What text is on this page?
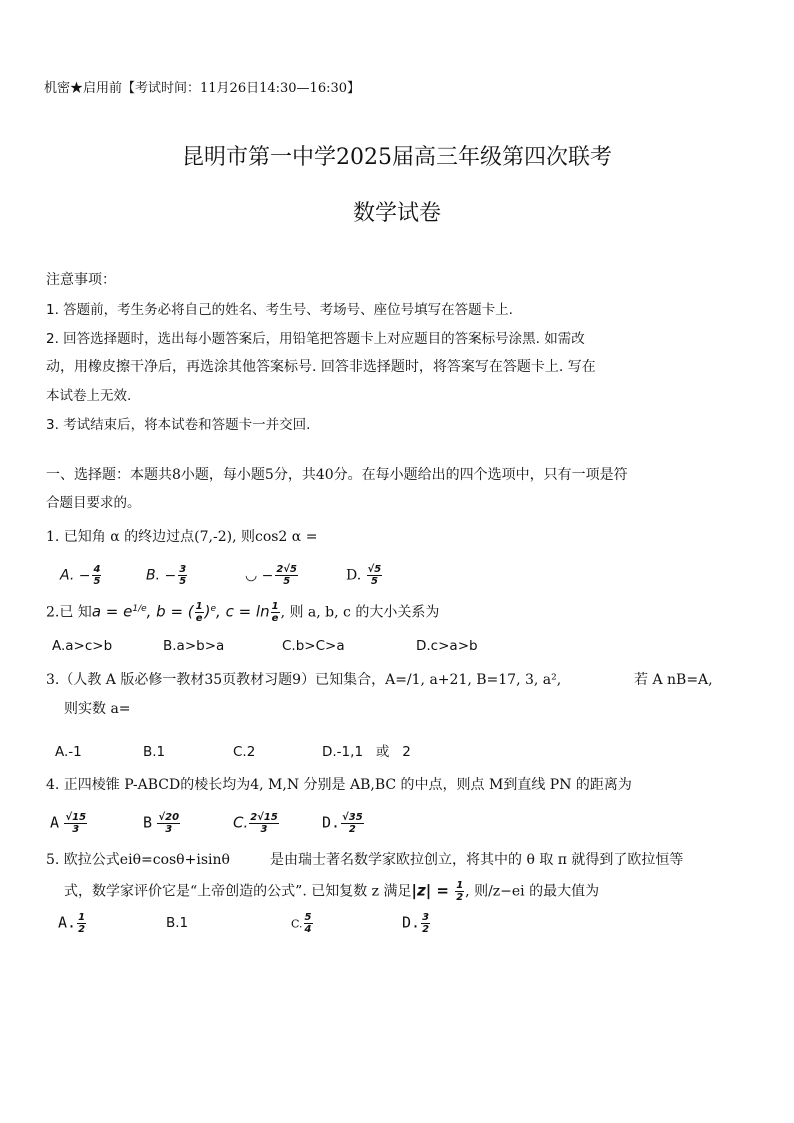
机密★启用前【考试时间：11月26日14:30—16:30】
昆明市第一中学2025届高三年级第四次联考
数学试卷
注意事项：
1. 答题前，考生务必将自己的姓名、考生号、考场号、座位号填写在答题卡上.
2. 回答选择题时，选出每小题答案后，用铅笔把答题卡上对应题目的答案标号涂黑. 如需改
动，用橡皮擦干净后，再选涂其他答案标号. 回答非选择题时，将答案写在答题卡上. 写在
本试卷上无效.
3. 考试结束后，将本试卷和答题卡一并交回.
一、选择题：本题共8小题，每小题5分，共40分。在每小题给出的四个选项中，只有一项是符
合题目要求的。
1. 已知角 α 的终边过点(7,-2), 则cos2 α =
A. − $\frac{4}{5}$	B. − $\frac{3}{5}$	◡ − $\frac{2√5}{5}$	D. $\frac{√5}{5}$
2.已 知$a = e^{1/e}$, b = ( $\frac{1}{e} )^e$, $c = \ln \frac{1}{e}$ , 则 a, b, c 的大小关系为
A.a>c>b	B.a>b>a	C.b>C>a	D.c>a>b
3.（人教 A 版必修一教材35页教材习题9）已知集合，A=/1, a+21, B=17, 3, a²,	若 A nB=A,
则实数 a=
A.-1	B.1	C.2	D.-1,1   或   2
4. 正四棱锥 P-ABCD的棱长均为4, M,N 分别是 AB,BC 的中点，则点 M到直线 PN 的距离为
A $\frac{√15}{3}$	B $\frac{√20}{3}$	C. $\frac{2√15}{3}$	D. $\frac{√35}{2}$
5. 欧拉公式eiθ=cosθ+isinθ	是由瑞士著名数学家欧拉创立，将其中的 θ 取 π 就得到了欧拉恒等
式，数学家评价它是“上帝创造的公式”. 已知复数 z 满足$|z| = \frac{1}{2}$ , 则/z−ei 的最大值为
A. $\frac{1}{2}$	B.1	C. $\frac{5}{4}$	D. $\frac{3}{2}$
